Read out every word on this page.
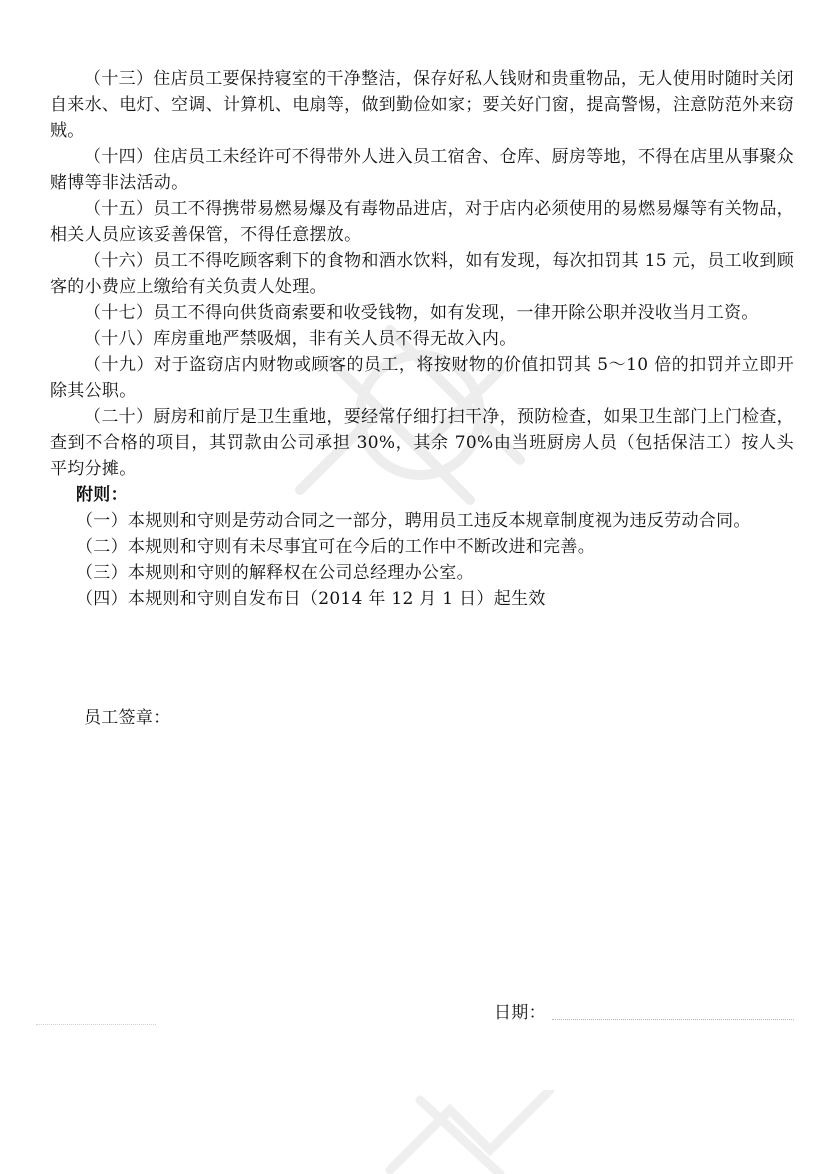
（十三）住店员工要保持寝室的干净整洁，保存好私人钱财和贵重物品，无人使用时随时关闭自来水、电灯、空调、计算机、电扇等，做到勤俭如家；要关好门窗，提高警惕，注意防范外来窃贼。

（十四）住店员工未经许可不得带外人进入员工宿舍、仓库、厨房等地，不得在店里从事聚众赌博等非法活动。

（十五）员工不得携带易燃易爆及有毒物品进店，对于店内必须使用的易燃易爆等有关物品，相关人员应该妥善保管，不得任意摆放。

（十六）员工不得吃顾客剩下的食物和酒水饮料，如有发现，每次扣罚其 15 元，员工收到顾客的小费应上缴给有关负责人处理。

（十七）员工不得向供货商索要和收受钱物，如有发现，一律开除公职并没收当月工资。

（十八）库房重地严禁吸烟，非有关人员不得无故入内。

（十九）对于盗窃店内财物或顾客的员工，将按财物的价值扣罚其 5～10 倍的扣罚并立即开除其公职。

（二十）厨房和前厅是卫生重地，要经常仔细打扫干净，预防检查，如果卫生部门上门检查，查到不合格的项目，其罚款由公司承担 30%，其余 70%由当班厨房人员（包括保洁工）按人头平均分摊。

附则：

（一）本规则和守则是劳动合同之一部分，聘用员工违反本规章制度视为违反劳动合同。

（二）本规则和守则有未尽事宜可在今后的工作中不断改进和完善。

（三）本规则和守则的解释权在公司总经理办公室。

（四）本规则和守则自发布日（2014 年 12 月 1 日）起生效

员工签章：
日期：
